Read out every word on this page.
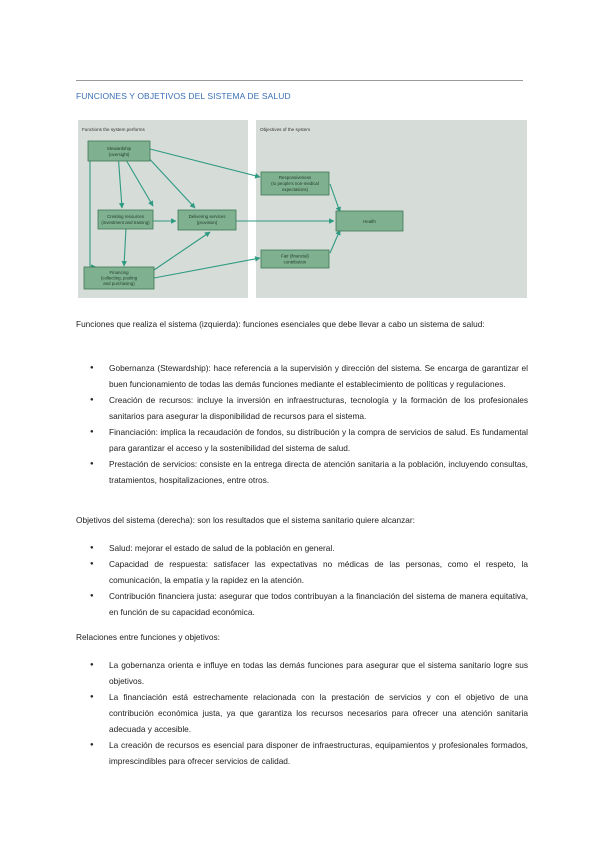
FUNCIONES Y OBJETIVOS DEL SISTEMA DE SALUD
Functions the system performs	Objectives of the system
Stewardship
(oversight)
Creating resources
(investment and training)
Delivering services
(provision)
Financing
(collecting, pooling
and purchasing)
Responsiveness
(to people's non-medical
expectations)
Health
Fair (financial)
contribution

Funciones que realiza el sistema (izquierda): funciones esenciales que debe llevar a cabo un sistema de salud:

● Gobernanza (Stewardship): hace referencia a la supervisión y dirección del sistema. Se encarga de garantizar el buen funcionamiento de todas las demás funciones mediante el establecimiento de políticas y regulaciones.
● Creación de recursos: incluye la inversión en infraestructuras, tecnología y la formación de los profesionales sanitarios para asegurar la disponibilidad de recursos para el sistema.
● Financiación: implica la recaudación de fondos, su distribución y la compra de servicios de salud. Es fundamental para garantizar el acceso y la sostenibilidad del sistema de salud.
● Prestación de servicios: consiste en la entrega directa de atención sanitaria a la población, incluyendo consultas, tratamientos, hospitalizaciones, entre otros.

Objetivos del sistema (derecha): son los resultados que el sistema sanitario quiere alcanzar:

● Salud: mejorar el estado de salud de la población en general.
● Capacidad de respuesta: satisfacer las expectativas no médicas de las personas, como el respeto, la comunicación, la empatía y la rapidez en la atención.
● Contribución financiera justa: asegurar que todos contribuyan a la financiación del sistema de manera equitativa, en función de su capacidad económica.

Relaciones entre funciones y objetivos:

● La gobernanza orienta e influye en todas las demás funciones para asegurar que el sistema sanitario logre sus objetivos.
● La financiación está estrechamente relacionada con la prestación de servicios y con el objetivo de una contribución económica justa, ya que garantiza los recursos necesarios para ofrecer una atención sanitaria adecuada y accesible.
● La creación de recursos es esencial para disponer de infraestructuras, equipamientos y profesionales formados, imprescindibles para ofrecer servicios de calidad.
